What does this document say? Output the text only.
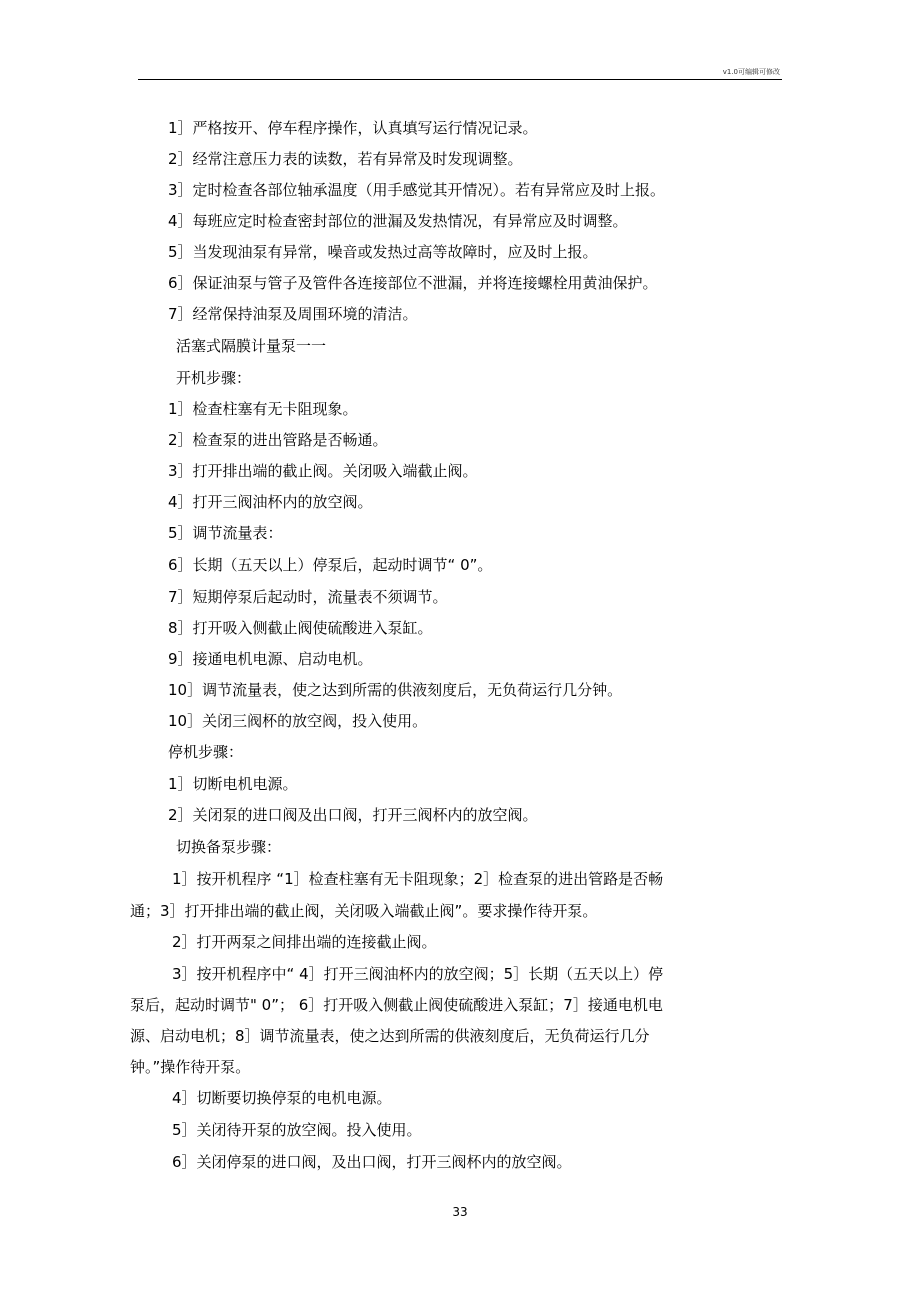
v1.0可编辑可修改
1］严格按开、停车程序操作，认真填写运行情况记录。
2］经常注意压力表的读数，若有异常及时发现调整。
3］定时检查各部位轴承温度（用手感觉其开情况）。若有异常应及时上报。
4］每班应定时检查密封部位的泄漏及发热情况，有异常应及时调整。
5］当发现油泵有异常，噪音或发热过高等故障时，应及时上报。
6］保证油泵与管子及管件各连接部位不泄漏，并将连接螺栓用黄油保护。
7］经常保持油泵及周围环境的清洁。
活塞式隔膜计量泵一一
开机步骤：
1］检查柱塞有无卡阻现象。
2］检查泵的进出管路是否畅通。
3］打开排出端的截止阀。关闭吸入端截止阀。
4］打开三阀油杯内的放空阀。
5］调节流量表：
6］长期（五天以上）停泵后，起动时调节“ 0”。
7］短期停泵后起动时，流量表不须调节。
8］打开吸入侧截止阀使硫酸进入泵缸。
9］接通电机电源、启动电机。
10］调节流量表，使之达到所需的供液刻度后，无负荷运行几分钟。
10］关闭三阀杯的放空阀，投入使用。
停机步骤：
1］切断电机电源。
2］关闭泵的进口阀及出口阀，打开三阀杯内的放空阀。
切换备泵步骤：
1］按开机程序 “1］检查柱塞有无卡阻现象；2］检查泵的进出管路是否畅
通；3］打开排出端的截止阀，关闭吸入端截止阀”。要求操作待开泵。
2］打开两泵之间排出端的连接截止阀。
3］按开机程序中“ 4］打开三阀油杯内的放空阀；5］长期（五天以上）停
泵后，起动时调节" 0”； 6］打开吸入侧截止阀使硫酸进入泵缸；7］接通电机电
源、启动电机；8］调节流量表，使之达到所需的供液刻度后，无负荷运行几分
钟。”操作待开泵。
4］切断要切换停泵的电机电源。
5］关闭待开泵的放空阀。投入使用。
6］关闭停泵的进口阀，及出口阀，打开三阀杯内的放空阀。
33
